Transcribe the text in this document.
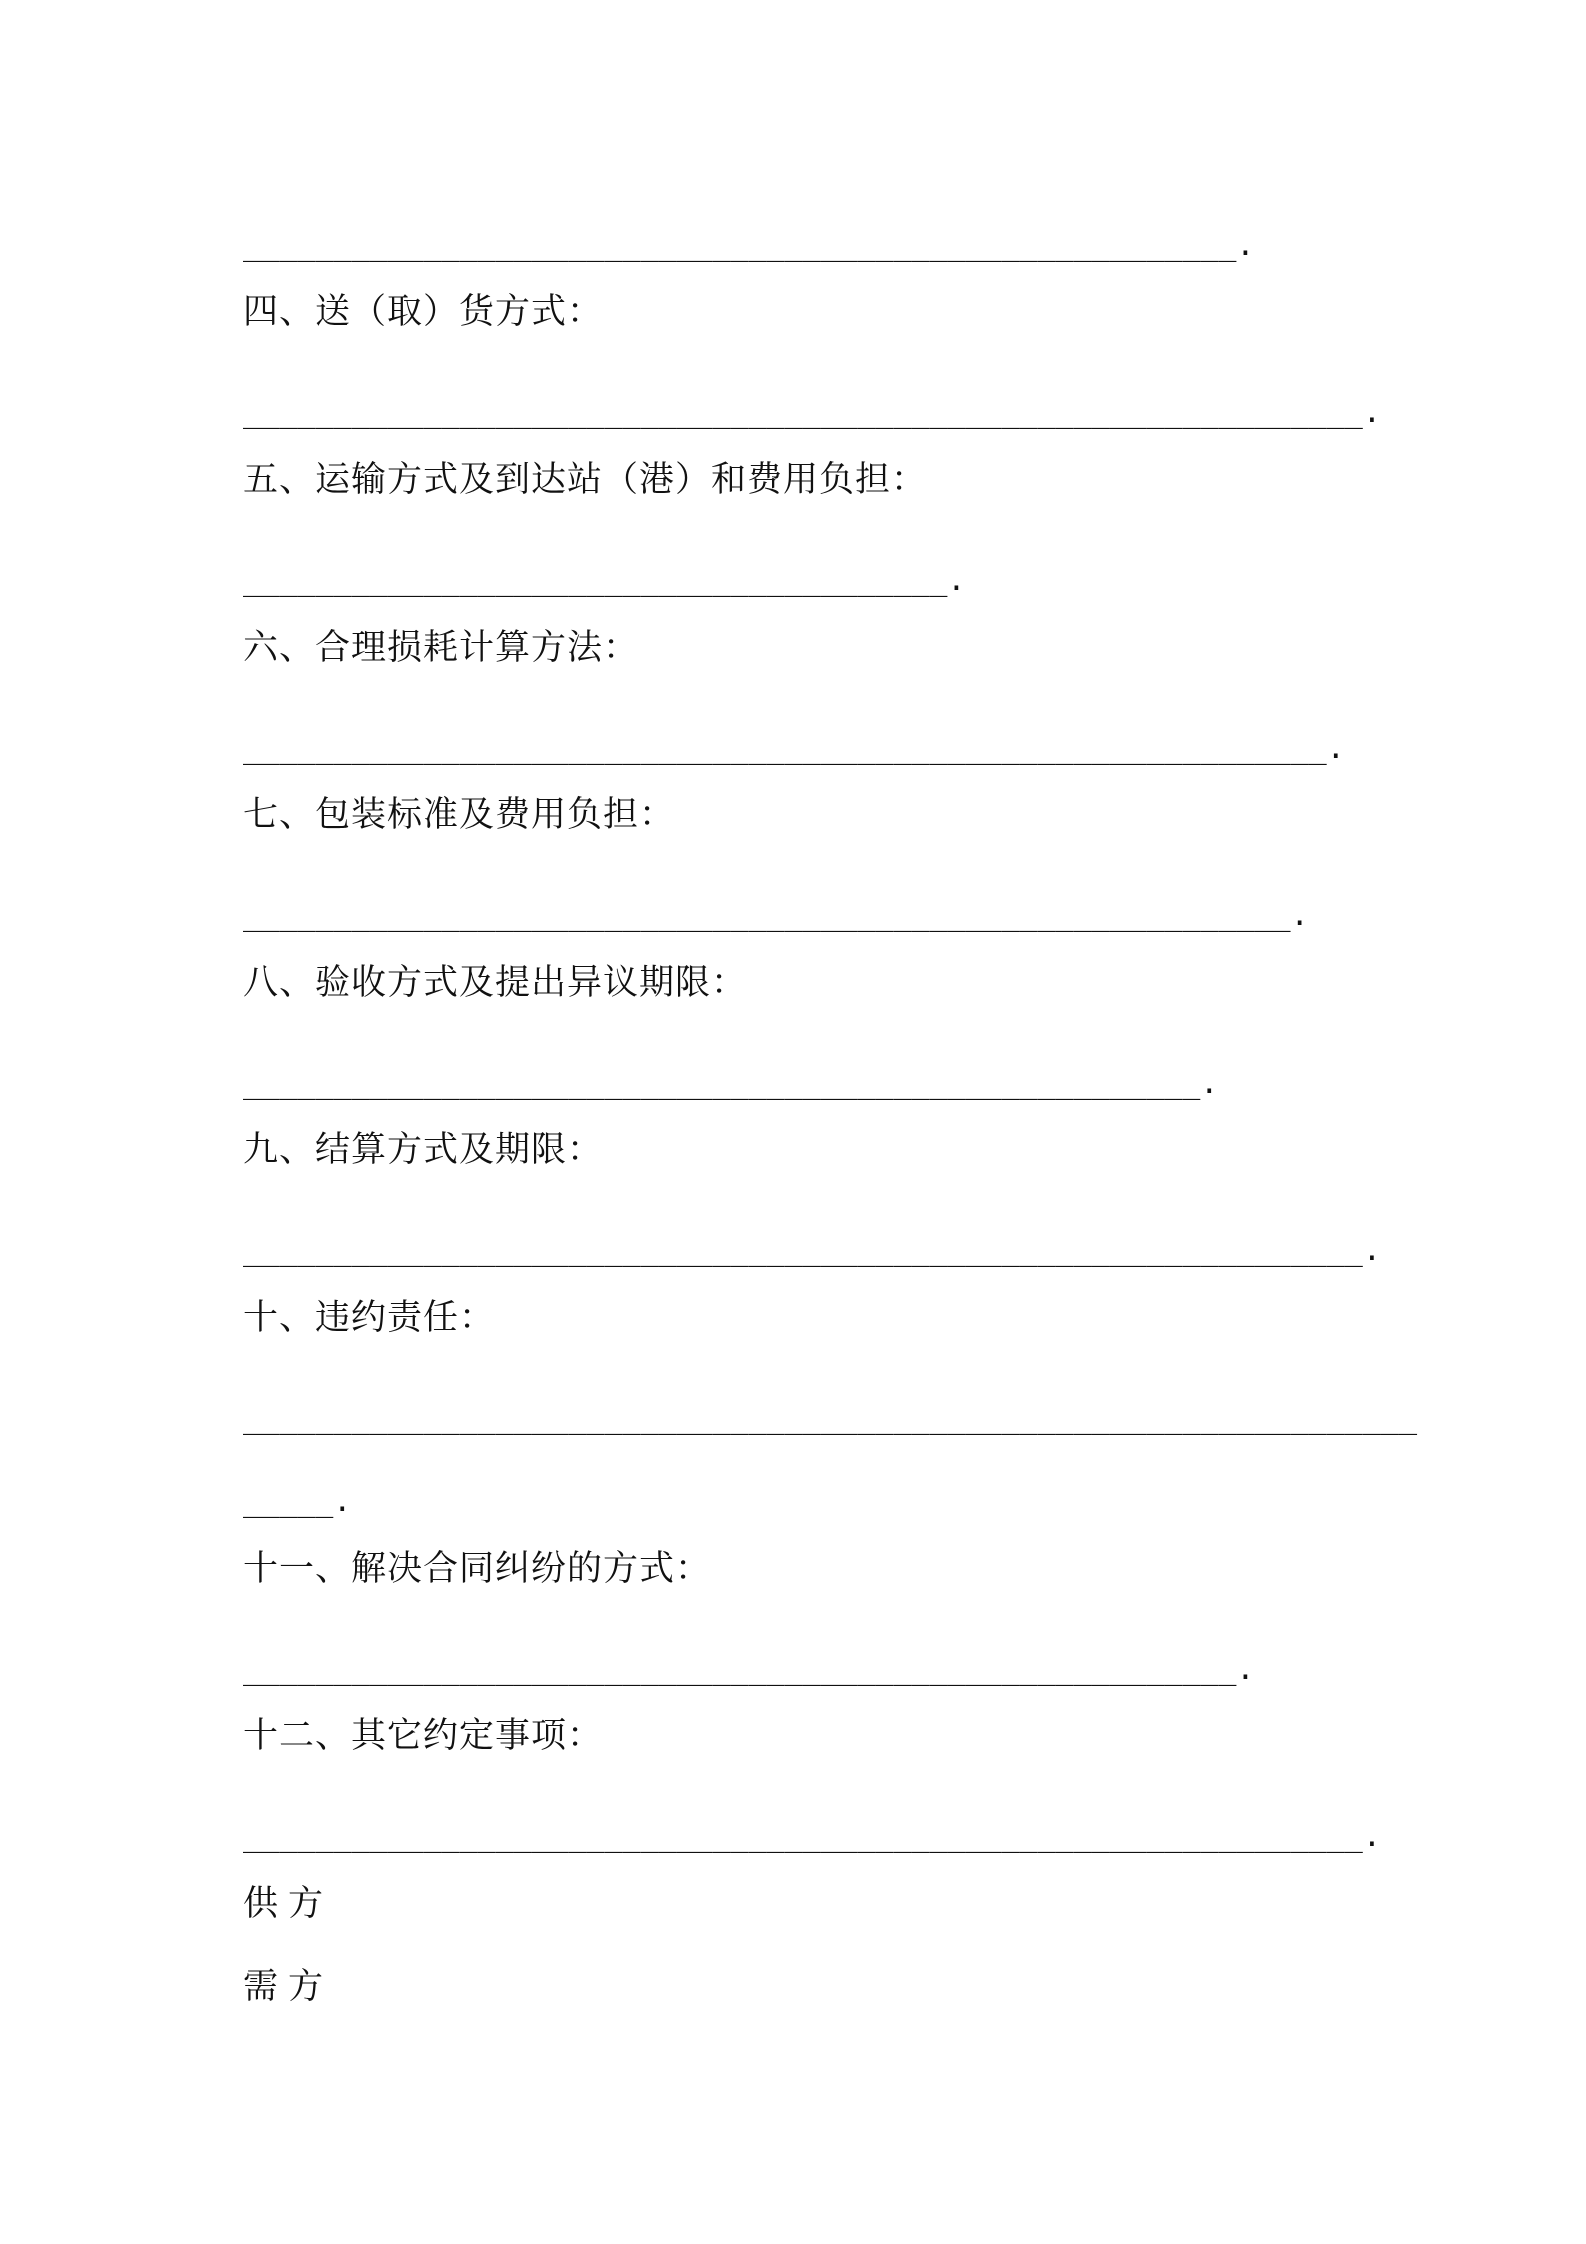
_______________________________________________________.
四、送（取）货方式：
______________________________________________________________.
五、运输方式及到达站（港）和费用负担：
_______________________________________.
六、合理损耗计算方法：
____________________________________________________________.
七、包装标准及费用负担：
__________________________________________________________.
八、验收方式及提出异议期限：
_____________________________________________________.
九、结算方式及期限：
______________________________________________________________.
十、违约责任：
_________________________________________________________________
_____.
十一、解决合同纠纷的方式：
_______________________________________________________.
十二、其它约定事项：
______________________________________________________________.
供方
需方
